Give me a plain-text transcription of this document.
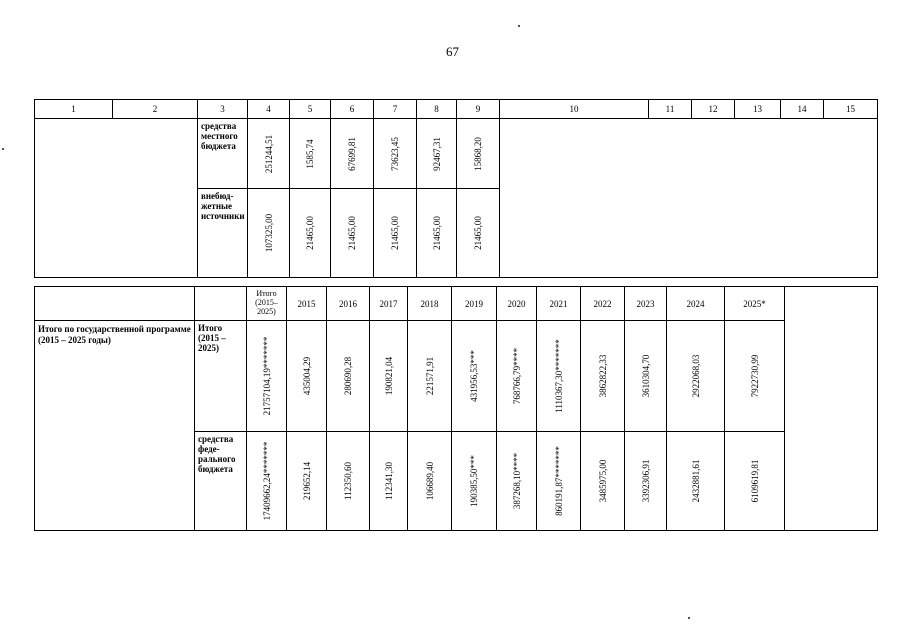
67
1	2	3	4	5	6	7	8	9	10	11	12	13	14	15
		средства местного бюджета	251244,51	1585,74	67699,81	73623,45	92467,31	15868,20						

		внебюд-жетные источники	107325,00	21465,00	21465,00	21465,00	21465,00	21465,00						
		Итого (2015–2025)	2015	2016	2017	2018	2019	2020	2021	2022	2023	2024	2025*	
Итого по государственной программе (2015 – 2025 годы)	Итого (2015 – 2025)	21757104,19*******	435004,29	280690,28	190821,04	221571,91	431956,53***	768766,79****	1110367,30*******	3862822,33	3610304,70	2922068,03	7922730,99	

	средства феде-рального бюджета	17409662,24*******	219652,14	112350,60	112341,30	106689,40	190385,50***	387268,10****	860191,87*******	3485975,00	3392306,91	2432881,61	6109619,81	
